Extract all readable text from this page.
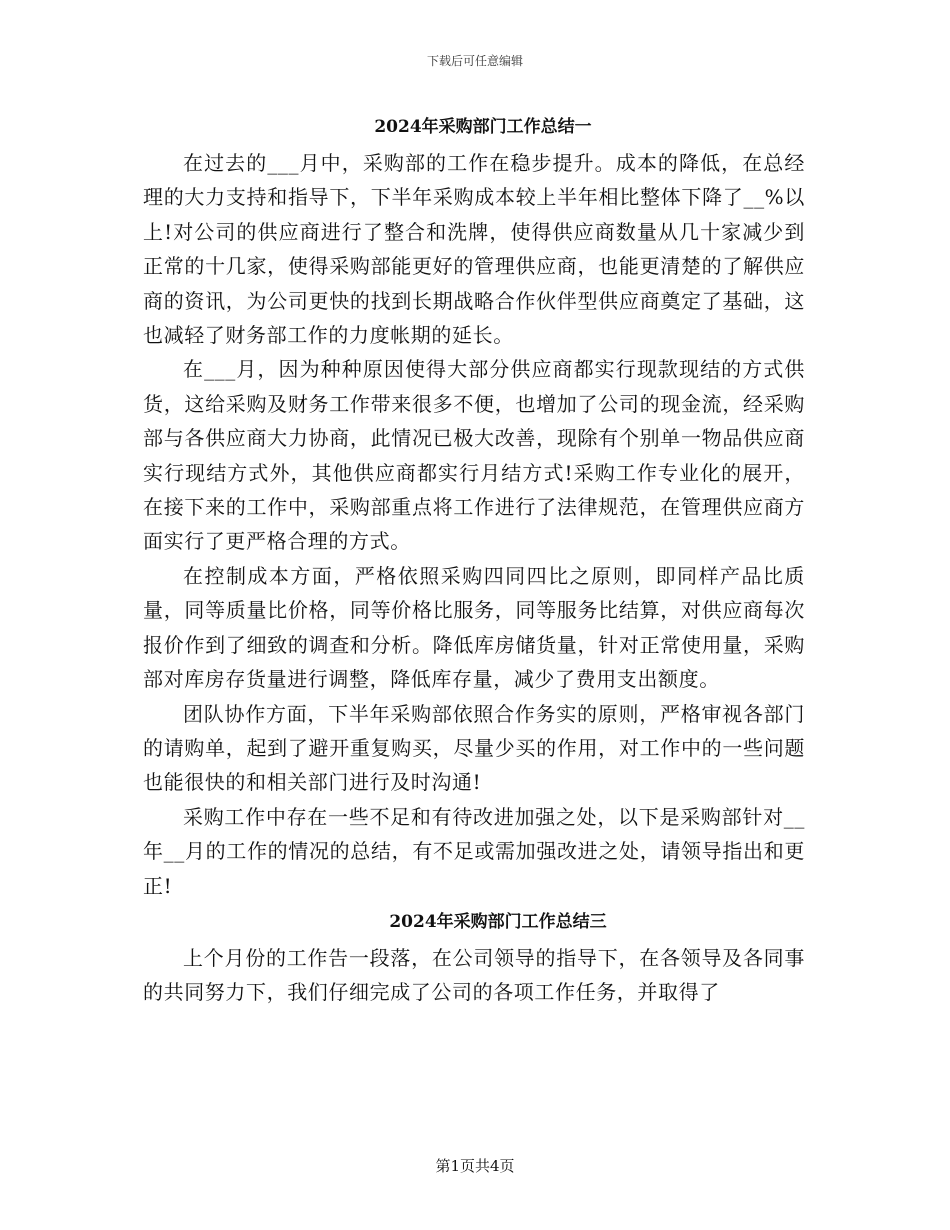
下载后可任意编辑
2024年采购部门工作总结一

在过去的___月中，采购部的工作在稳步提升。成本的降低，在总经理的大力支持和指导下，下半年采购成本较上半年相比整体下降了__%以上!对公司的供应商进行了整合和洗牌，使得供应商数量从几十家减少到正常的十几家，使得采购部能更好的管理供应商，也能更清楚的了解供应商的资讯，为公司更快的找到长期战略合作伙伴型供应商奠定了基础，这也减轻了财务部工作的力度帐期的延长。

在___月，因为种种原因使得大部分供应商都实行现款现结的方式供货，这给采购及财务工作带来很多不便，也增加了公司的现金流，经采购部与各供应商大力协商，此情况已极大改善，现除有个别单一物品供应商实行现结方式外，其他供应商都实行月结方式!采购工作专业化的展开，在接下来的工作中，采购部重点将工作进行了法律规范，在管理供应商方面实行了更严格合理的方式。

在控制成本方面，严格依照采购四同四比之原则，即同样产品比质量，同等质量比价格，同等价格比服务，同等服务比结算，对供应商每次报价作到了细致的调查和分析。降低库房储货量，针对正常使用量，采购部对库房存货量进行调整，降低库存量，减少了费用支出额度。

团队协作方面，下半年采购部依照合作务实的原则，严格审视各部门的请购单，起到了避开重复购买，尽量少买的作用，对工作中的一些问题也能很快的和相关部门进行及时沟通!

采购工作中存在一些不足和有待改进加强之处，以下是采购部针对__年__月的工作的情况的总结，有不足或需加强改进之处，请领导指出和更正!

2024年采购部门工作总结三

上个月份的工作告一段落，在公司领导的指导下，在各领导及各同事的共同努力下，我们仔细完成了公司的各项工作任务，并取得了

第1页共4页
